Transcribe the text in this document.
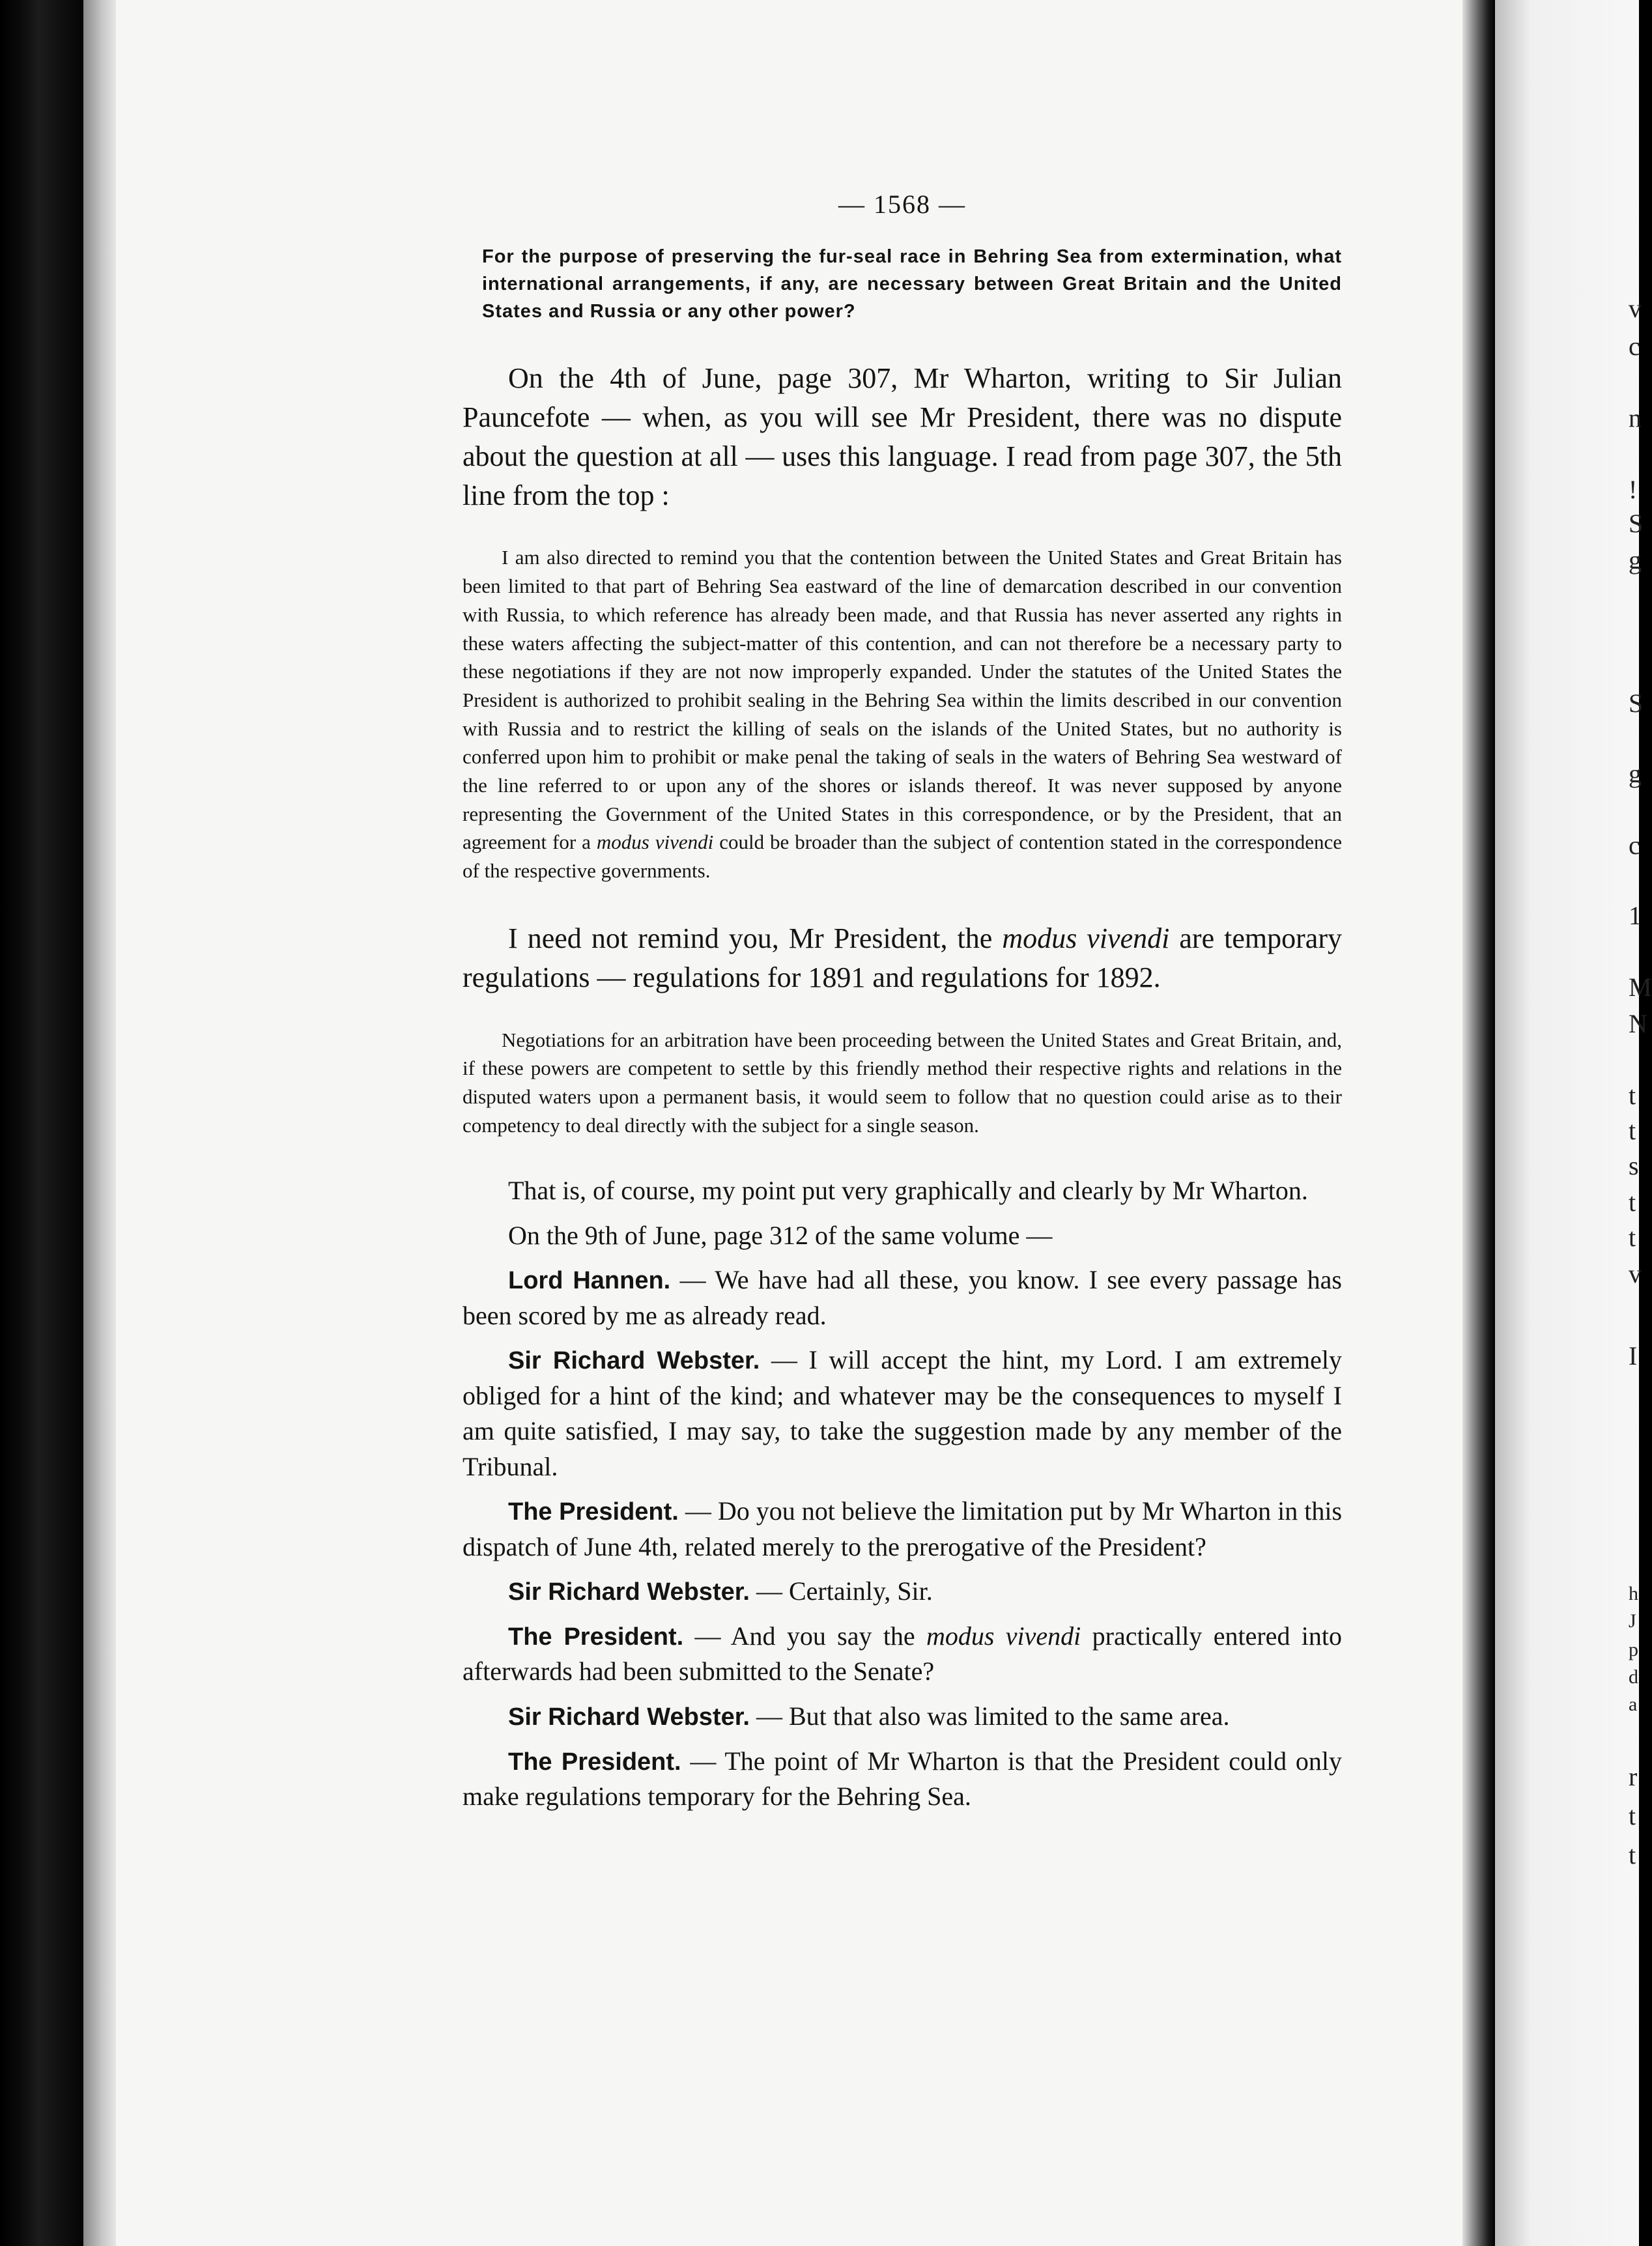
v
c
n
!
S
g
S
g
c
1
M
N
t
t
s
t
t
v
I
h
J
p
d
a
r
t
t
— 1568 —

For the purpose of preserving the fur-seal race in Behring Sea from extermination, what international arrangements, if any, are necessary between Great Britain and the United States and Russia or any other power?

On the 4th of June, page 307, Mr Wharton, writing to Sir Julian Pauncefote — when, as you will see Mr President, there was no dispute about the question at all — uses this language. I read from page 307, the 5th line from the top :

I am also directed to remind you that the contention between the United States and Great Britain has been limited to that part of Behring Sea eastward of the line of demarcation described in our convention with Russia, to which reference has already been made, and that Russia has never asserted any rights in these waters affecting the subject-matter of this contention, and can not therefore be a necessary party to these negotiations if they are not now improperly expanded. Under the statutes of the United States the President is authorized to prohibit sealing in the Behring Sea within the limits described in our convention with Russia and to restrict the killing of seals on the islands of the United States, but no authority is conferred upon him to prohibit or make penal the taking of seals in the waters of Behring Sea westward of the line referred to or upon any of the shores or islands thereof. It was never supposed by anyone representing the Government of the United States in this correspondence, or by the President, that an agreement for a modus vivendi could be broader than the subject of contention stated in the correspondence of the respective governments.

I need not remind you, Mr President, the modus vivendi are temporary regulations — regulations for 1891 and regulations for 1892.

Negotiations for an arbitration have been proceeding between the United States and Great Britain, and, if these powers are competent to settle by this friendly method their respective rights and relations in the disputed waters upon a permanent basis, it would seem to follow that no question could arise as to their competency to deal directly with the subject for a single season.

That is, of course, my point put very graphically and clearly by Mr Wharton.

On the 9th of June, page 312 of the same volume —

Lord Hannen. — We have had all these, you know. I see every passage has been scored by me as already read.

Sir Richard Webster. — I will accept the hint, my Lord. I am extremely obliged for a hint of the kind; and whatever may be the consequences to myself I am quite satisfied, I may say, to take the suggestion made by any member of the Tribunal.

The President. — Do you not believe the limitation put by Mr Wharton in this dispatch of June 4th, related merely to the prerogative of the President?

Sir Richard Webster. — Certainly, Sir.

The President. — And you say the modus vivendi practically entered into afterwards had been submitted to the Senate?

Sir Richard Webster. — But that also was limited to the same area.

The President. — The point of Mr Wharton is that the President could only make regulations temporary for the Behring Sea.
